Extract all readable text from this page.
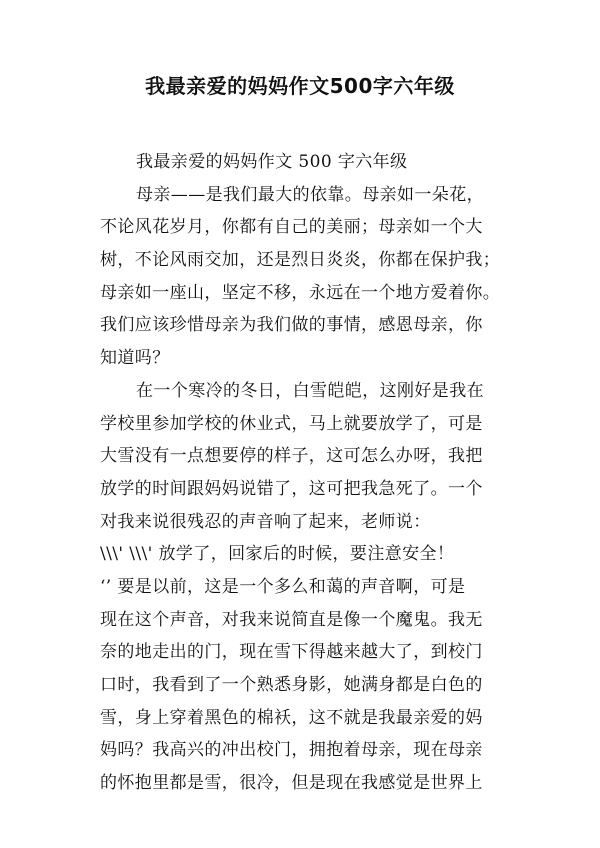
我最亲爱的妈妈作文500字六年级
我最亲爱的妈妈作文 500 字六年级
母亲——是我们最大的依靠。母亲如一朵花，
不论风花岁月，你都有自己的美丽；母亲如一个大
树，不论风雨交加，还是烈日炎炎，你都在保护我；
母亲如一座山，坚定不移，永远在一个地方爱着你。
我们应该珍惜母亲为我们做的事情，感恩母亲，你
知道吗？
在一个寒冷的冬日，白雪皑皑，这刚好是我在
学校里参加学校的休业式，马上就要放学了，可是
大雪没有一点想要停的样子，这可怎么办呀，我把
放学的时间跟妈妈说错了，这可把我急死了。一个
对我来说很残忍的声音响了起来，老师说：
\\\' \\\' 放学了，回家后的时候，要注意安全！
‘’ 要是以前，这是一个多么和蔼的声音啊，可是
现在这个声音，对我来说简直是像一个魔鬼。我无
奈的地走出的门，现在雪下得越来越大了，到校门
口时，我看到了一个熟悉身影，她满身都是白色的
雪，身上穿着黑色的棉袄，这不就是我最亲爱的妈
妈吗？我高兴的冲出校门，拥抱着母亲，现在母亲
的怀抱里都是雪，很冷，但是现在我感觉是世界上
